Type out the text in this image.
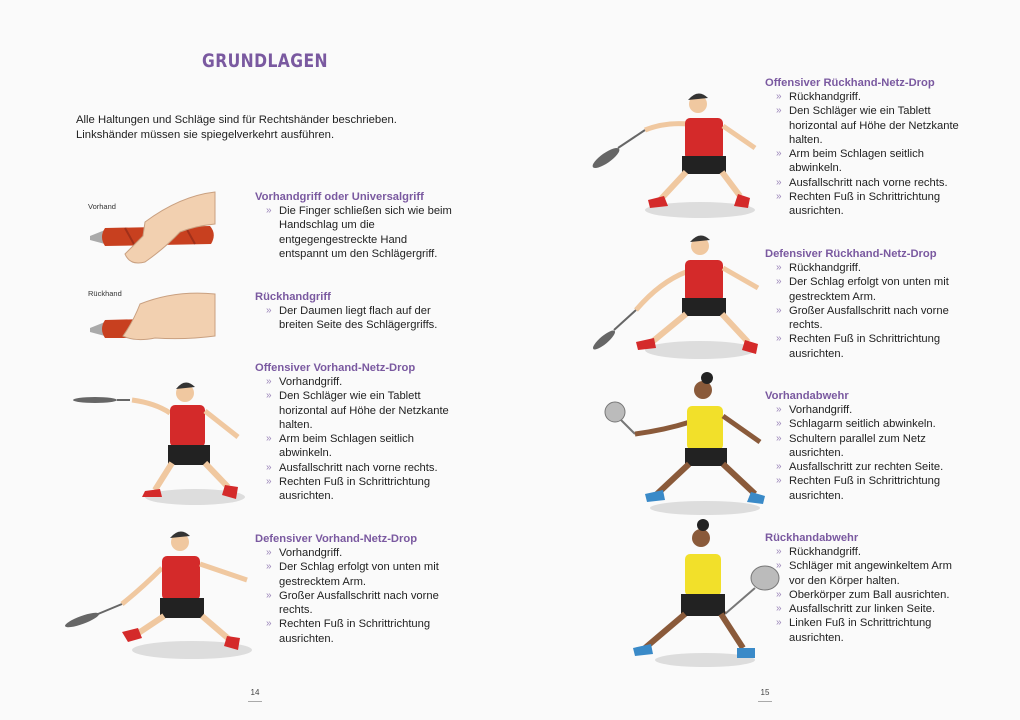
GRUNDLAGEN
Alle Haltungen und Schläge sind für Rechtshänder beschrieben. Linkshänder müssen sie spiegelverkehrt ausführen.
Vorhand
Rückhand
Vorhandgriff oder Universalgriff
» Die Finger schließen sich wie beim Handschlag um die entgegengestreckte Hand entspannt um den Schlägergriff.
Rückhandgriff
» Der Daumen liegt flach auf der breiten Seite des Schlägergriffs.
Offensiver Vorhand-Netz-Drop
» Vorhandgriff.
» Den Schläger wie ein Tablett horizontal auf Höhe der Netzkante halten.
» Arm beim Schlagen seitlich abwinkeln.
» Ausfallschritt nach vorne rechts.
» Rechten Fuß in Schrittrichtung ausrichten.
Defensiver Vorhand-Netz-Drop
» Vorhandgriff.
» Der Schlag erfolgt von unten mit gestrecktem Arm.
» Großer Ausfallschritt nach vorne rechts.
» Rechten Fuß in Schrittrichtung ausrichten.
14
Offensiver Rückhand-Netz-Drop
» Rückhandgriff.
» Den Schläger wie ein Tablett horizontal auf Höhe der Netzkante halten.
» Arm beim Schlagen seitlich abwinkeln.
» Ausfallschritt nach vorne rechts.
» Rechten Fuß in Schrittrichtung ausrichten.
Defensiver Rückhand-Netz-Drop
» Rückhandgriff.
» Der Schlag erfolgt von unten mit gestrecktem Arm.
» Großer Ausfallschritt nach vorne rechts.
» Rechten Fuß in Schrittrichtung ausrichten.
Vorhandabwehr
» Vorhandgriff.
» Schlagarm seitlich abwinkeln.
» Schultern parallel zum Netz ausrichten.
» Ausfallschritt zur rechten Seite.
» Rechten Fuß in Schrittrichtung ausrichten.
Rückhandabwehr
» Rückhandgriff.
» Schläger mit angewinkeltem Arm vor den Körper halten.
» Oberkörper zum Ball ausrichten.
» Ausfallschritt zur linken Seite.
» Linken Fuß in Schrittrichtung ausrichten.
15
